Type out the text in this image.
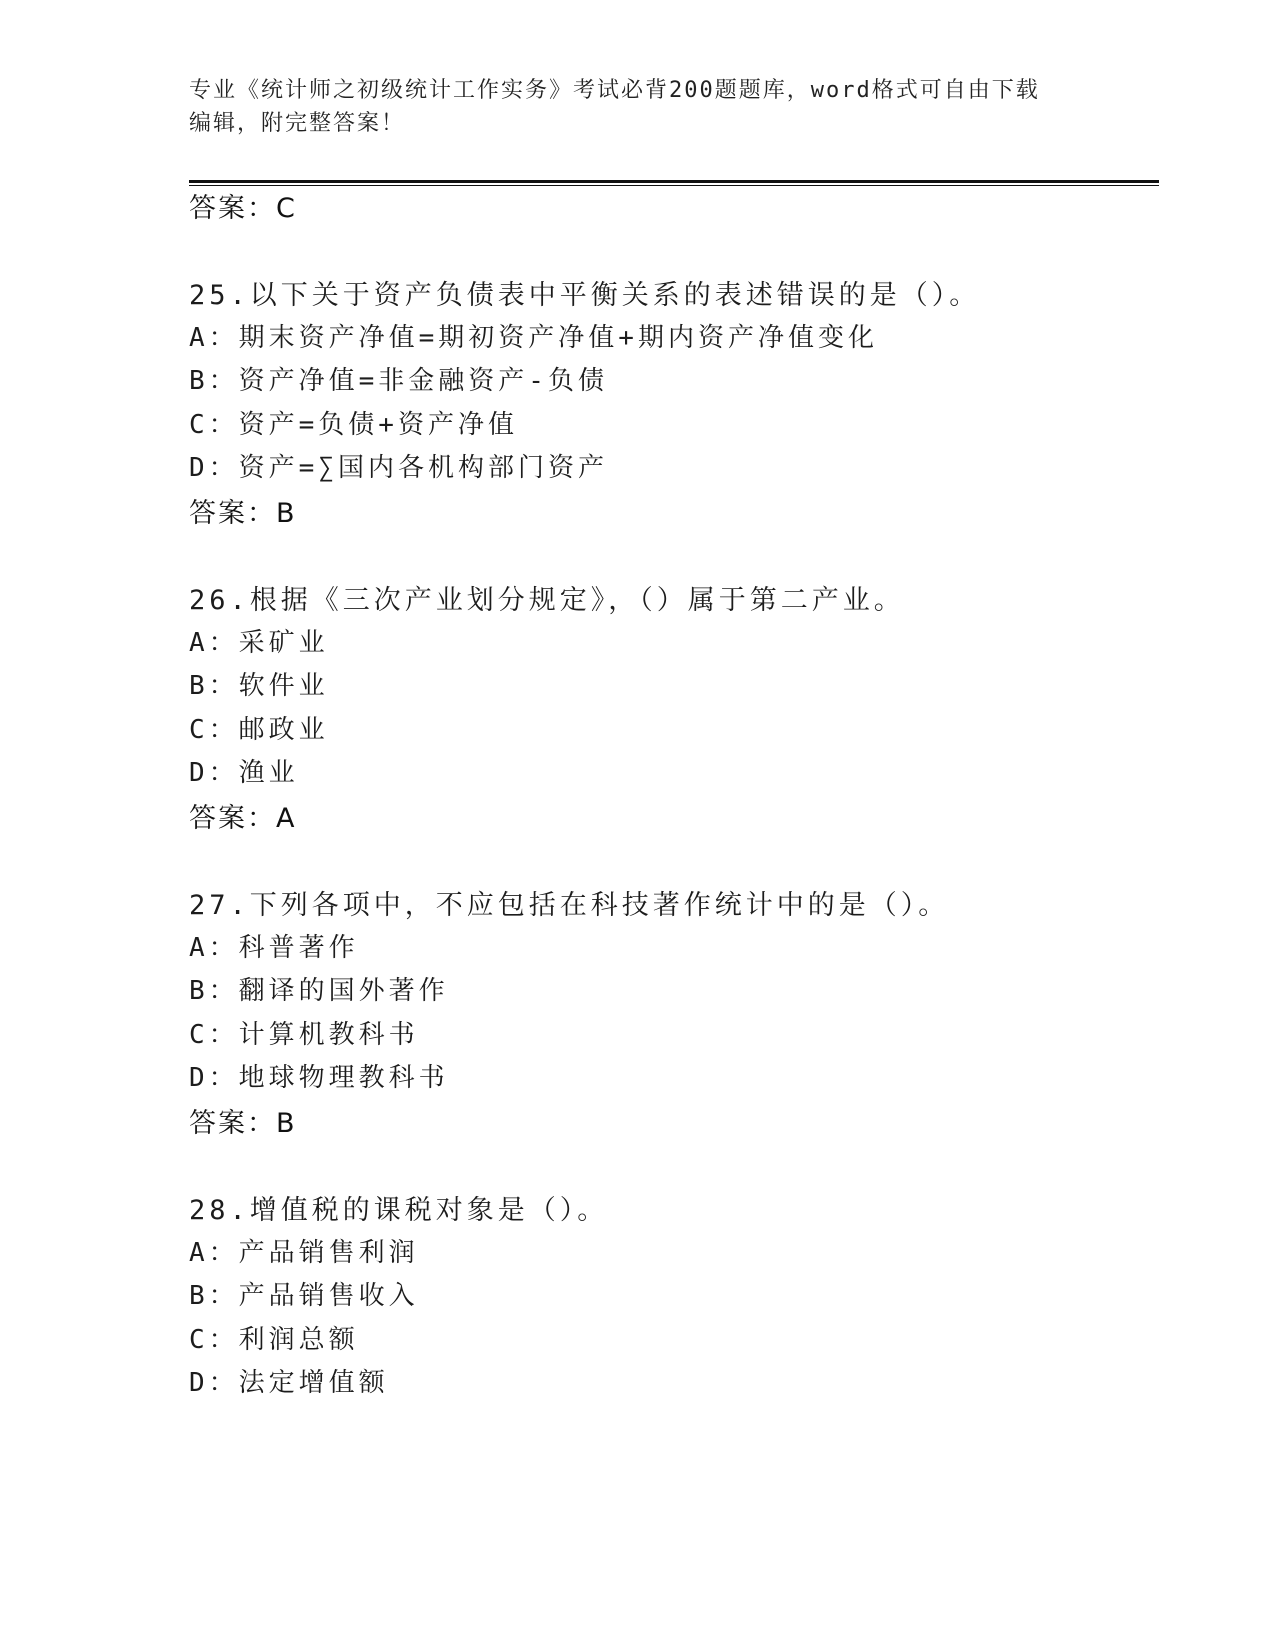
专业《统计师之初级统计工作实务》考试必背200题题库，word格式可自由下载
编辑，附完整答案！
答案：C
25.以下关于资产负债表中平衡关系的表述错误的是（）。
A：期末资产净值=期初资产净值+期内资产净值变化
B：资产净值=非金融资产-负债
C：资产=负债+资产净值
D：资产=∑国内各机构部门资产
答案：B
26.根据《三次产业划分规定》，（）属于第二产业。
A：采矿业
B：软件业
C：邮政业
D：渔业
答案：A
27.下列各项中，不应包括在科技著作统计中的是（）。
A：科普著作
B：翻译的国外著作
C：计算机教科书
D：地球物理教科书
答案：B
28.增值税的课税对象是（）。
A：产品销售利润
B：产品销售收入
C：利润总额
D：法定增值额
